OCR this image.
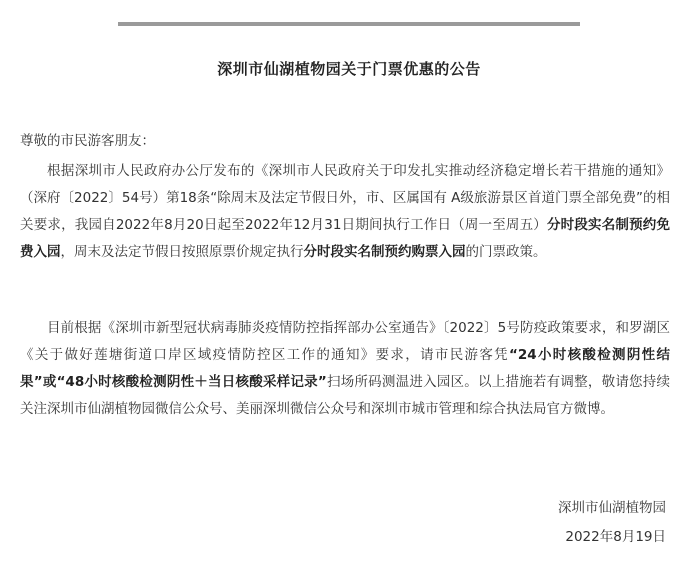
深圳市仙湖植物园关于门票优惠的公告
尊敬的市民游客朋友：

根据深圳市人民政府办公厅发布的《深圳市人民政府关于印发扎实推动经济稳定增长若干措施的通知》（深府〔2022〕54号）第18条“除周末及法定节假日外，市、区属国有 A级旅游景区首道门票全部免费”的相关要求，我园自2022年8月20日起至2022年12月31日期间执行工作日（周一至周五）分时段实名制预约免费入园，周末及法定节假日按照原票价规定执行分时段实名制预约购票入园的门票政策。

目前根据《深圳市新型冠状病毒肺炎疫情防控指挥部办公室通告》〔2022〕5号防疫政策要求，和罗湖区《关于做好莲塘街道口岸区域疫情防控区工作的通知》要求，请市民游客凭“24小时核酸检测阴性结果”或“48小时核酸检测阴性＋当日核酸采样记录”扫场所码测温进入园区。以上措施若有调整，敬请您持续关注深圳市仙湖植物园微信公众号、美丽深圳微信公众号和深圳市城市管理和综合执法局官方微博。

深圳市仙湖植物园
2022年8月19日
